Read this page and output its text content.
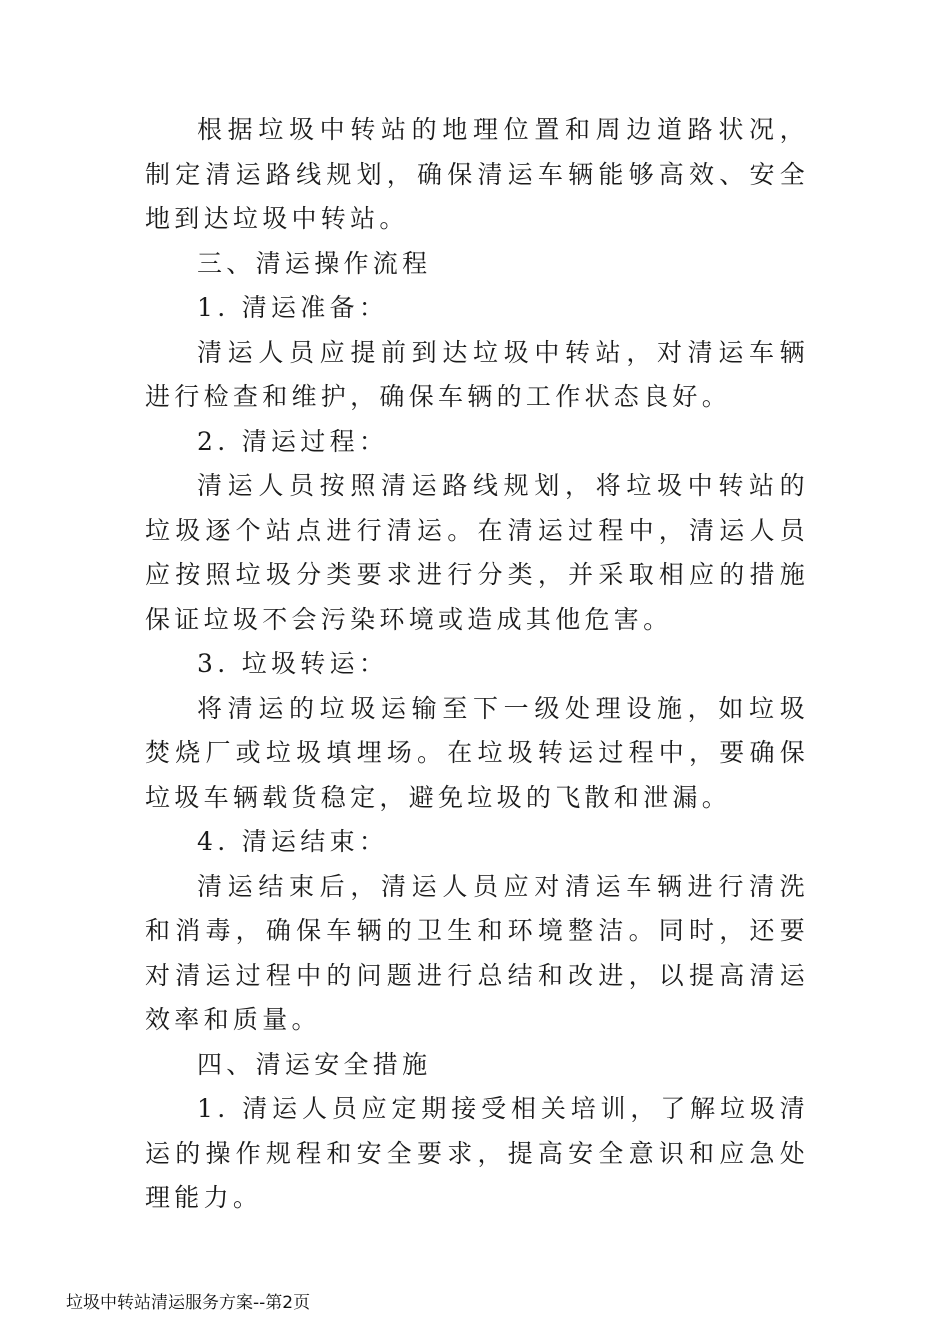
根据垃圾中转站的地理位置和周边道路状况，制定清运路线规划，确保清运车辆能够高效、安全地到达垃圾中转站。

三、清运操作流程

1. 清运准备：

清运人员应提前到达垃圾中转站，对清运车辆进行检查和维护，确保车辆的工作状态良好。

2. 清运过程：

清运人员按照清运路线规划，将垃圾中转站的垃圾逐个站点进行清运。在清运过程中，清运人员应按照垃圾分类要求进行分类，并采取相应的措施保证垃圾不会污染环境或造成其他危害。

3. 垃圾转运：

将清运的垃圾运输至下一级处理设施，如垃圾焚烧厂或垃圾填埋场。在垃圾转运过程中，要确保垃圾车辆载货稳定，避免垃圾的飞散和泄漏。

4. 清运结束：

清运结束后，清运人员应对清运车辆进行清洗和消毒，确保车辆的卫生和环境整洁。同时，还要对清运过程中的问题进行总结和改进，以提高清运效率和质量。

四、清运安全措施

1. 清运人员应定期接受相关培训，了解垃圾清运的操作规程和安全要求，提高安全意识和应急处理能力。

垃圾中转站清运服务方案--第2页
